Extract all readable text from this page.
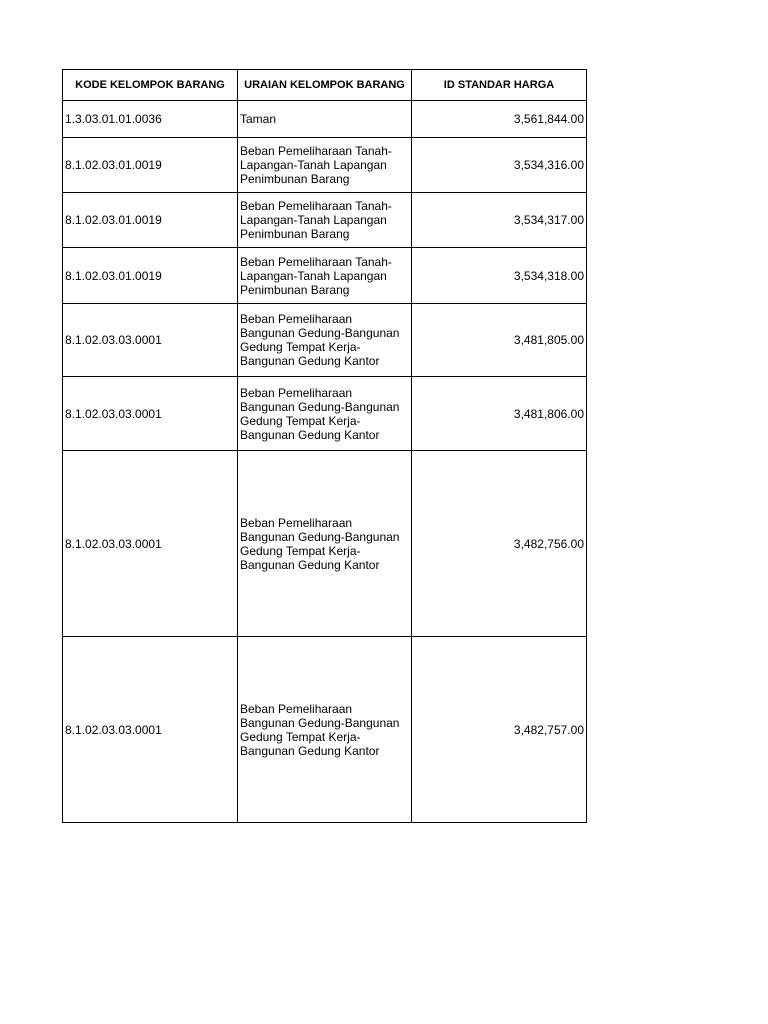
KODE KELOMPOK BARANG	URAIAN KELOMPOK BARANG	ID STANDAR HARGA
1.3.03.01.01.0036	Taman	3,561,844.00
8.1.02.03.01.0019	Beban Pemeliharaan Tanah-
Lapangan-Tanah Lapangan
Penimbunan Barang	3,534,316.00
8.1.02.03.01.0019	Beban Pemeliharaan Tanah-
Lapangan-Tanah Lapangan
Penimbunan Barang	3,534,317.00
8.1.02.03.01.0019	Beban Pemeliharaan Tanah-
Lapangan-Tanah Lapangan
Penimbunan Barang	3,534,318.00
8.1.02.03.03.0001	Beban Pemeliharaan
Bangunan Gedung-Bangunan
Gedung Tempat Kerja-
Bangunan Gedung Kantor	3,481,805.00
8.1.02.03.03.0001	Beban Pemeliharaan
Bangunan Gedung-Bangunan
Gedung Tempat Kerja-
Bangunan Gedung Kantor	3,481,806.00
8.1.02.03.03.0001	Beban Pemeliharaan
Bangunan Gedung-Bangunan
Gedung Tempat Kerja-
Bangunan Gedung Kantor	3,482,756.00
8.1.02.03.03.0001	Beban Pemeliharaan
Bangunan Gedung-Bangunan
Gedung Tempat Kerja-
Bangunan Gedung Kantor	3,482,757.00
